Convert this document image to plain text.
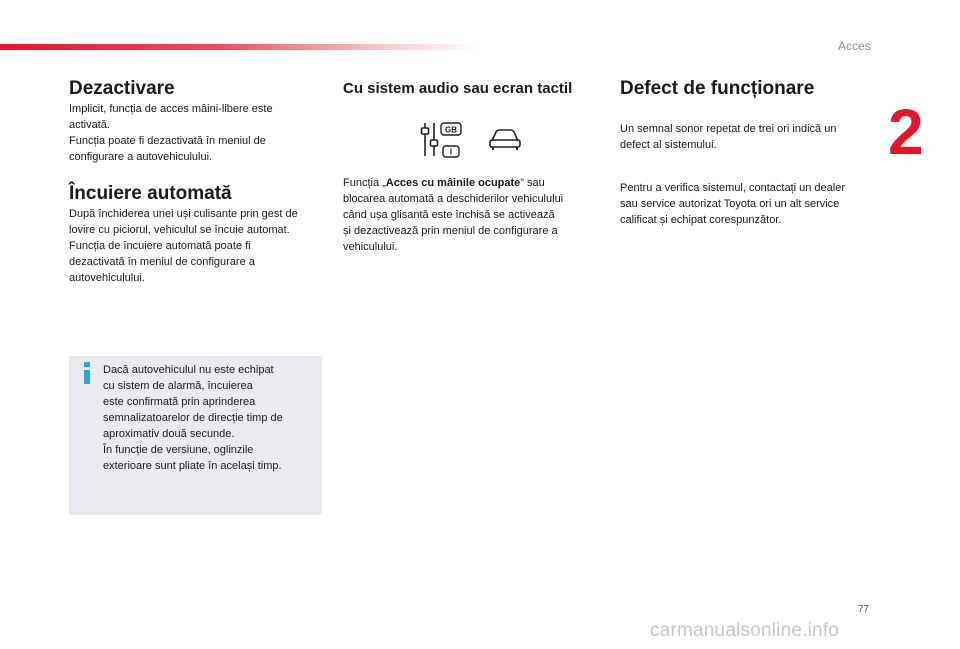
Acces
2
Dezactivare

Implicit, funcția de acces mâini-libere este

activată.

Funcția poate fi dezactivată în meniul de

configurare a autovehiculului.

Încuiere automată

După închiderea unei uși culisante prin gest de

lovire cu piciorul, vehiculul se încuie automat.

Funcția de încuiere automată poate fi

dezactivată în meniul de configurare a

autovehiculului.

Dacă autovehiculul nu este echipat

cu sistem de alarmă, încuierea

este confirmată prin aprinderea

semnalizatoarelor de direcție timp de

aproximativ două secunde.

În funcție de versiune, oglinzile

exterioare sunt pliate în același timp.

Cu sistem audio sau ecran tactil
GB
I

Funcția „Acces cu mâinile ocupate” sau

blocarea automată a deschiderilor vehiculului

când ușa glisantă este închisă se activează

și dezactivează prin meniul de configurare a

vehiculului.

Defect de funcționare

Un semnal sonor repetat de trei ori indică un

defect al sistemului.

Pentru a verifica sistemul, contactați un dealer

sau service autorizat Toyota ori un alt service

calificat și echipat corespunzător.

77
carmanualsonline.info
